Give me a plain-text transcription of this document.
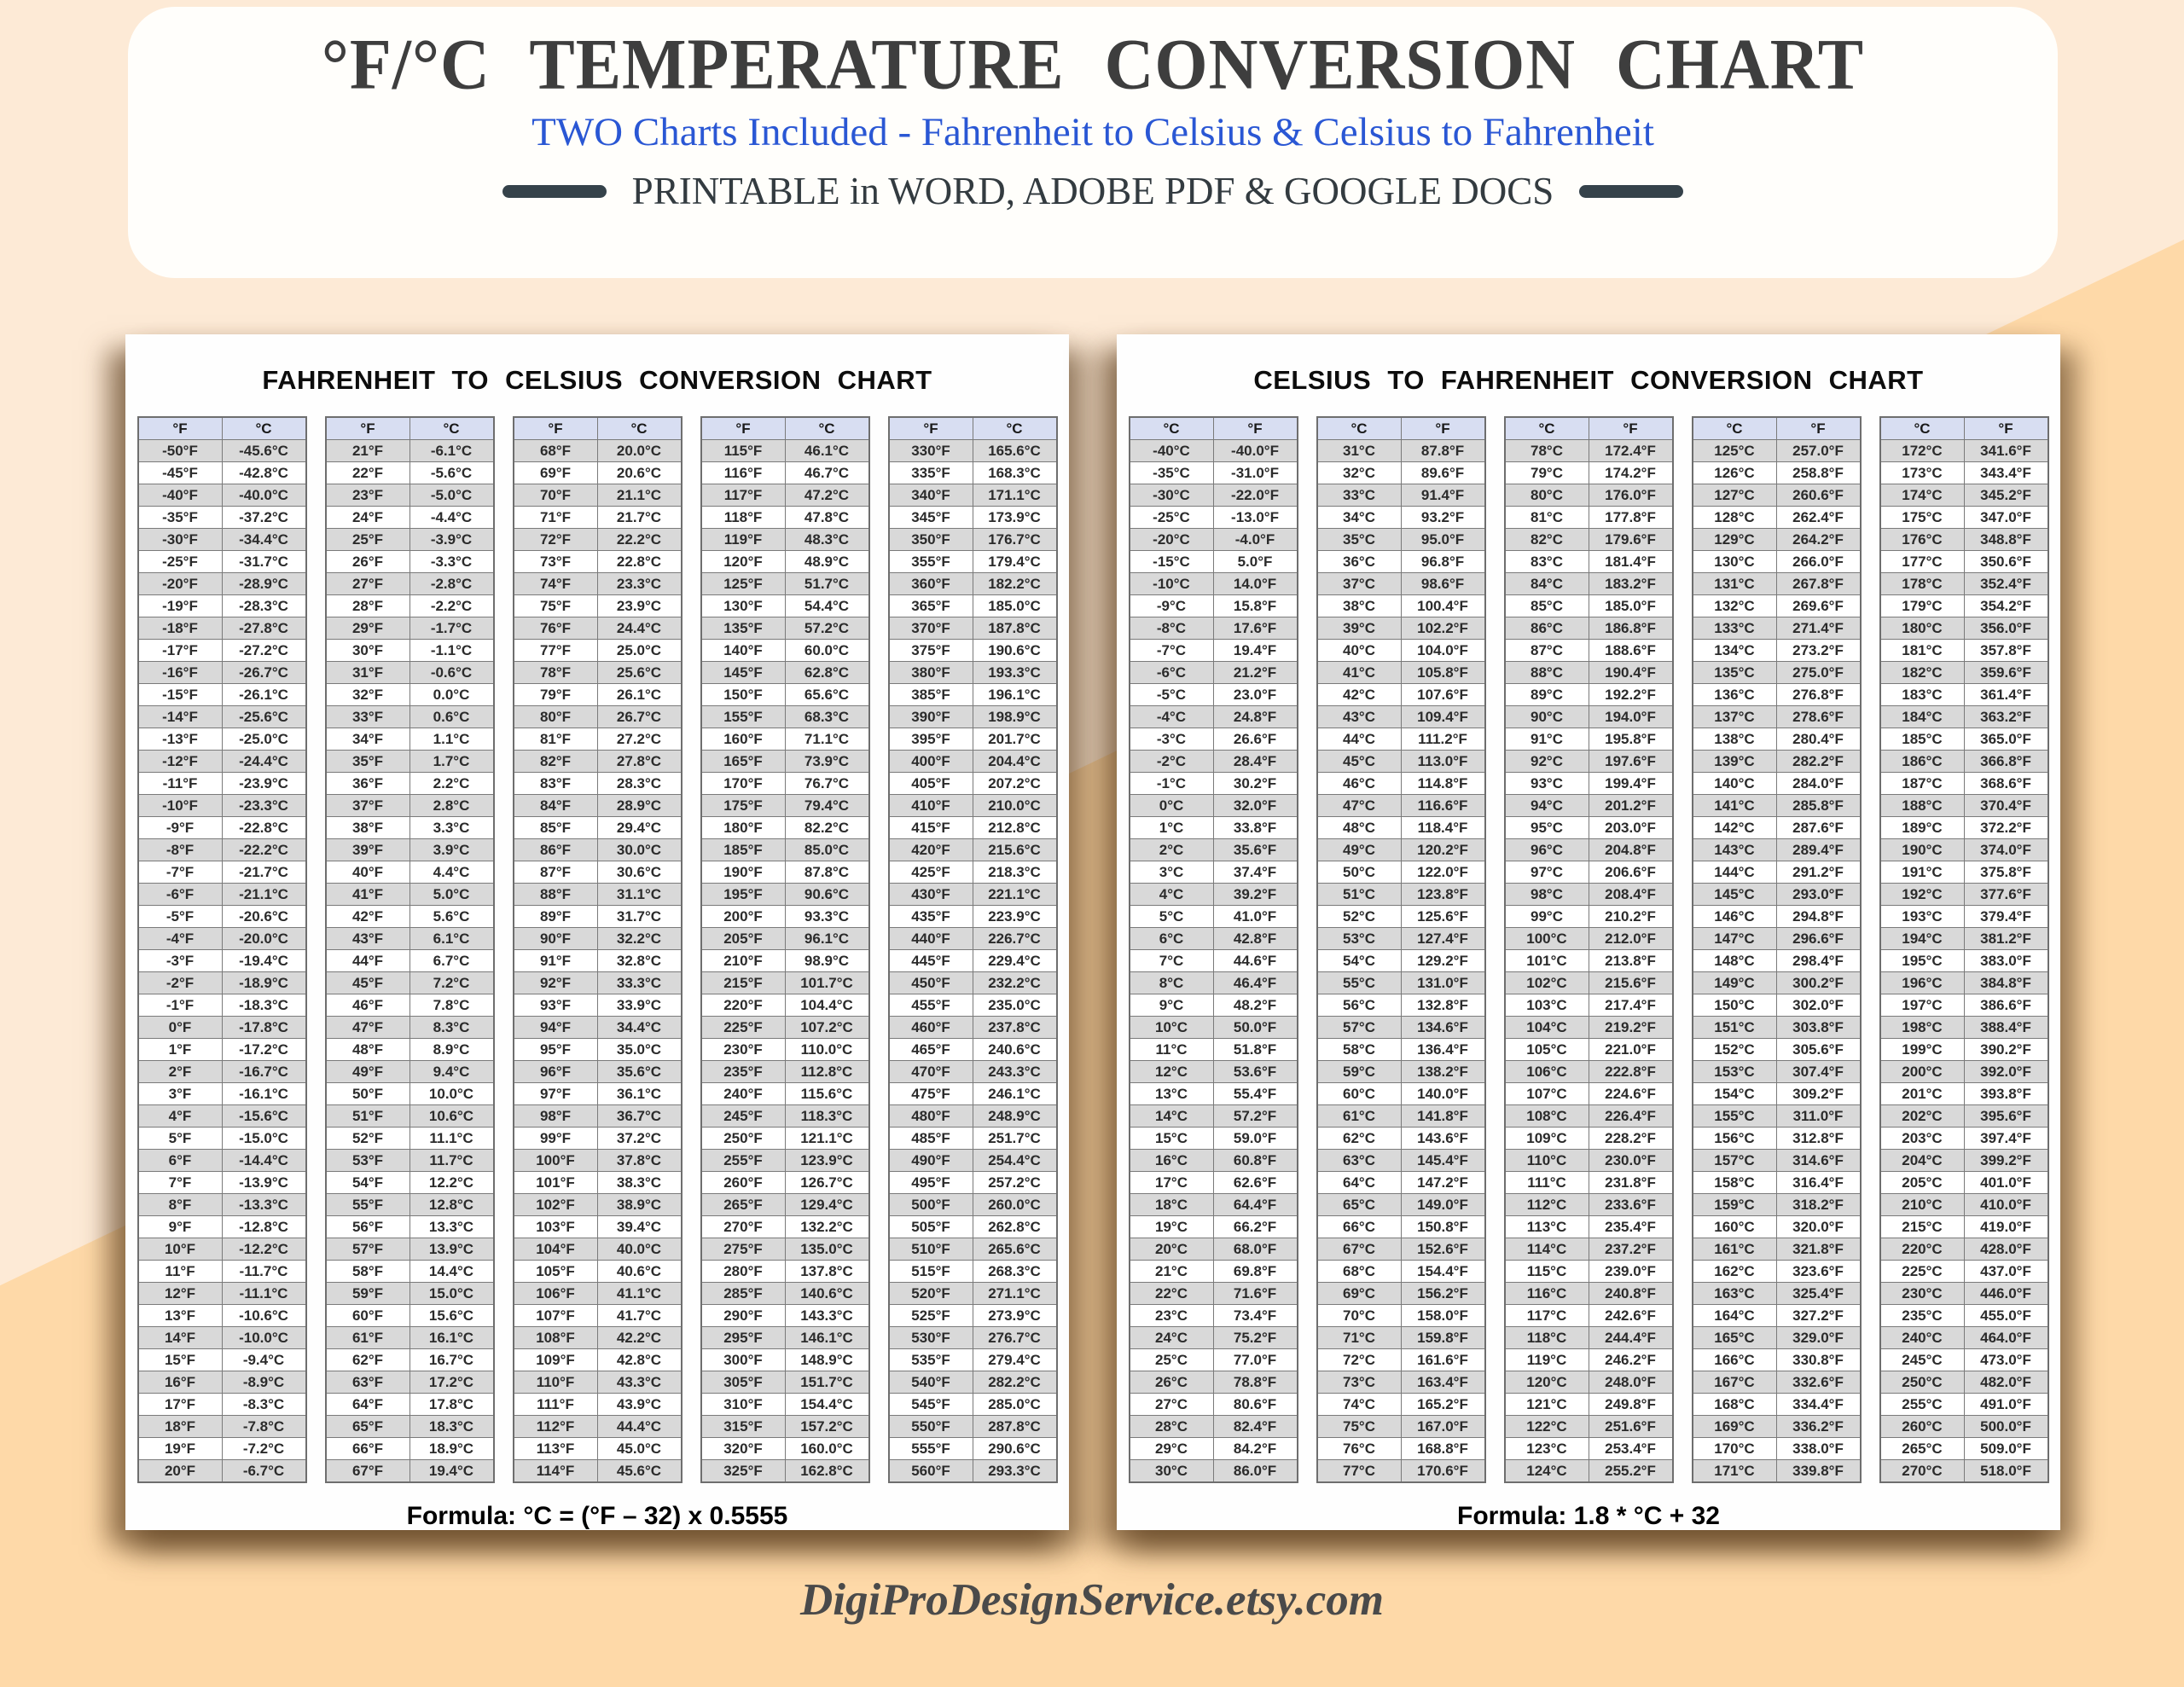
°F/°C TEMPERATURE CONVERSION CHART
TWO Charts Included - Fahrenheit to Celsius & Celsius to Fahrenheit
PRINTABLE in WORD, ADOBE PDF & GOOGLE DOCS
FAHRENHEIT TO CELSIUS CONVERSION CHART
°F	°C
-50°F	-45.6°C
-45°F	-42.8°C
-40°F	-40.0°C
-35°F	-37.2°C
-30°F	-34.4°C
-25°F	-31.7°C
-20°F	-28.9°C
-19°F	-28.3°C
-18°F	-27.8°C
-17°F	-27.2°C
-16°F	-26.7°C
-15°F	-26.1°C
-14°F	-25.6°C
-13°F	-25.0°C
-12°F	-24.4°C
-11°F	-23.9°C
-10°F	-23.3°C
-9°F	-22.8°C
-8°F	-22.2°C
-7°F	-21.7°C
-6°F	-21.1°C
-5°F	-20.6°C
-4°F	-20.0°C
-3°F	-19.4°C
-2°F	-18.9°C
-1°F	-18.3°C
0°F	-17.8°C
1°F	-17.2°C
2°F	-16.7°C
3°F	-16.1°C
4°F	-15.6°C
5°F	-15.0°C
6°F	-14.4°C
7°F	-13.9°C
8°F	-13.3°C
9°F	-12.8°C
10°F	-12.2°C
11°F	-11.7°C
12°F	-11.1°C
13°F	-10.6°C
14°F	-10.0°C
15°F	-9.4°C
16°F	-8.9°C
17°F	-8.3°C
18°F	-7.8°C
19°F	-7.2°C
20°F	-6.7°C
°F	°C
21°F	-6.1°C
22°F	-5.6°C
23°F	-5.0°C
24°F	-4.4°C
25°F	-3.9°C
26°F	-3.3°C
27°F	-2.8°C
28°F	-2.2°C
29°F	-1.7°C
30°F	-1.1°C
31°F	-0.6°C
32°F	0.0°C
33°F	0.6°C
34°F	1.1°C
35°F	1.7°C
36°F	2.2°C
37°F	2.8°C
38°F	3.3°C
39°F	3.9°C
40°F	4.4°C
41°F	5.0°C
42°F	5.6°C
43°F	6.1°C
44°F	6.7°C
45°F	7.2°C
46°F	7.8°C
47°F	8.3°C
48°F	8.9°C
49°F	9.4°C
50°F	10.0°C
51°F	10.6°C
52°F	11.1°C
53°F	11.7°C
54°F	12.2°C
55°F	12.8°C
56°F	13.3°C
57°F	13.9°C
58°F	14.4°C
59°F	15.0°C
60°F	15.6°C
61°F	16.1°C
62°F	16.7°C
63°F	17.2°C
64°F	17.8°C
65°F	18.3°C
66°F	18.9°C
67°F	19.4°C
°F	°C
68°F	20.0°C
69°F	20.6°C
70°F	21.1°C
71°F	21.7°C
72°F	22.2°C
73°F	22.8°C
74°F	23.3°C
75°F	23.9°C
76°F	24.4°C
77°F	25.0°C
78°F	25.6°C
79°F	26.1°C
80°F	26.7°C
81°F	27.2°C
82°F	27.8°C
83°F	28.3°C
84°F	28.9°C
85°F	29.4°C
86°F	30.0°C
87°F	30.6°C
88°F	31.1°C
89°F	31.7°C
90°F	32.2°C
91°F	32.8°C
92°F	33.3°C
93°F	33.9°C
94°F	34.4°C
95°F	35.0°C
96°F	35.6°C
97°F	36.1°C
98°F	36.7°C
99°F	37.2°C
100°F	37.8°C
101°F	38.3°C
102°F	38.9°C
103°F	39.4°C
104°F	40.0°C
105°F	40.6°C
106°F	41.1°C
107°F	41.7°C
108°F	42.2°C
109°F	42.8°C
110°F	43.3°C
111°F	43.9°C
112°F	44.4°C
113°F	45.0°C
114°F	45.6°C
°F	°C
115°F	46.1°C
116°F	46.7°C
117°F	47.2°C
118°F	47.8°C
119°F	48.3°C
120°F	48.9°C
125°F	51.7°C
130°F	54.4°C
135°F	57.2°C
140°F	60.0°C
145°F	62.8°C
150°F	65.6°C
155°F	68.3°C
160°F	71.1°C
165°F	73.9°C
170°F	76.7°C
175°F	79.4°C
180°F	82.2°C
185°F	85.0°C
190°F	87.8°C
195°F	90.6°C
200°F	93.3°C
205°F	96.1°C
210°F	98.9°C
215°F	101.7°C
220°F	104.4°C
225°F	107.2°C
230°F	110.0°C
235°F	112.8°C
240°F	115.6°C
245°F	118.3°C
250°F	121.1°C
255°F	123.9°C
260°F	126.7°C
265°F	129.4°C
270°F	132.2°C
275°F	135.0°C
280°F	137.8°C
285°F	140.6°C
290°F	143.3°C
295°F	146.1°C
300°F	148.9°C
305°F	151.7°C
310°F	154.4°C
315°F	157.2°C
320°F	160.0°C
325°F	162.8°C
°F	°C
330°F	165.6°C
335°F	168.3°C
340°F	171.1°C
345°F	173.9°C
350°F	176.7°C
355°F	179.4°C
360°F	182.2°C
365°F	185.0°C
370°F	187.8°C
375°F	190.6°C
380°F	193.3°C
385°F	196.1°C
390°F	198.9°C
395°F	201.7°C
400°F	204.4°C
405°F	207.2°C
410°F	210.0°C
415°F	212.8°C
420°F	215.6°C
425°F	218.3°C
430°F	221.1°C
435°F	223.9°C
440°F	226.7°C
445°F	229.4°C
450°F	232.2°C
455°F	235.0°C
460°F	237.8°C
465°F	240.6°C
470°F	243.3°C
475°F	246.1°C
480°F	248.9°C
485°F	251.7°C
490°F	254.4°C
495°F	257.2°C
500°F	260.0°C
505°F	262.8°C
510°F	265.6°C
515°F	268.3°C
520°F	271.1°C
525°F	273.9°C
530°F	276.7°C
535°F	279.4°C
540°F	282.2°C
545°F	285.0°C
550°F	287.8°C
555°F	290.6°C
560°F	293.3°C
Formula: °C = (°F – 32) x 0.5555
CELSIUS TO FAHRENHEIT CONVERSION CHART
°C	°F
-40°C	-40.0°F
-35°C	-31.0°F
-30°C	-22.0°F
-25°C	-13.0°F
-20°C	-4.0°F
-15°C	5.0°F
-10°C	14.0°F
-9°C	15.8°F
-8°C	17.6°F
-7°C	19.4°F
-6°C	21.2°F
-5°C	23.0°F
-4°C	24.8°F
-3°C	26.6°F
-2°C	28.4°F
-1°C	30.2°F
0°C	32.0°F
1°C	33.8°F
2°C	35.6°F
3°C	37.4°F
4°C	39.2°F
5°C	41.0°F
6°C	42.8°F
7°C	44.6°F
8°C	46.4°F
9°C	48.2°F
10°C	50.0°F
11°C	51.8°F
12°C	53.6°F
13°C	55.4°F
14°C	57.2°F
15°C	59.0°F
16°C	60.8°F
17°C	62.6°F
18°C	64.4°F
19°C	66.2°F
20°C	68.0°F
21°C	69.8°F
22°C	71.6°F
23°C	73.4°F
24°C	75.2°F
25°C	77.0°F
26°C	78.8°F
27°C	80.6°F
28°C	82.4°F
29°C	84.2°F
30°C	86.0°F
°C	°F
31°C	87.8°F
32°C	89.6°F
33°C	91.4°F
34°C	93.2°F
35°C	95.0°F
36°C	96.8°F
37°C	98.6°F
38°C	100.4°F
39°C	102.2°F
40°C	104.0°F
41°C	105.8°F
42°C	107.6°F
43°C	109.4°F
44°C	111.2°F
45°C	113.0°F
46°C	114.8°F
47°C	116.6°F
48°C	118.4°F
49°C	120.2°F
50°C	122.0°F
51°C	123.8°F
52°C	125.6°F
53°C	127.4°F
54°C	129.2°F
55°C	131.0°F
56°C	132.8°F
57°C	134.6°F
58°C	136.4°F
59°C	138.2°F
60°C	140.0°F
61°C	141.8°F
62°C	143.6°F
63°C	145.4°F
64°C	147.2°F
65°C	149.0°F
66°C	150.8°F
67°C	152.6°F
68°C	154.4°F
69°C	156.2°F
70°C	158.0°F
71°C	159.8°F
72°C	161.6°F
73°C	163.4°F
74°C	165.2°F
75°C	167.0°F
76°C	168.8°F
77°C	170.6°F
°C	°F
78°C	172.4°F
79°C	174.2°F
80°C	176.0°F
81°C	177.8°F
82°C	179.6°F
83°C	181.4°F
84°C	183.2°F
85°C	185.0°F
86°C	186.8°F
87°C	188.6°F
88°C	190.4°F
89°C	192.2°F
90°C	194.0°F
91°C	195.8°F
92°C	197.6°F
93°C	199.4°F
94°C	201.2°F
95°C	203.0°F
96°C	204.8°F
97°C	206.6°F
98°C	208.4°F
99°C	210.2°F
100°C	212.0°F
101°C	213.8°F
102°C	215.6°F
103°C	217.4°F
104°C	219.2°F
105°C	221.0°F
106°C	222.8°F
107°C	224.6°F
108°C	226.4°F
109°C	228.2°F
110°C	230.0°F
111°C	231.8°F
112°C	233.6°F
113°C	235.4°F
114°C	237.2°F
115°C	239.0°F
116°C	240.8°F
117°C	242.6°F
118°C	244.4°F
119°C	246.2°F
120°C	248.0°F
121°C	249.8°F
122°C	251.6°F
123°C	253.4°F
124°C	255.2°F
°C	°F
125°C	257.0°F
126°C	258.8°F
127°C	260.6°F
128°C	262.4°F
129°C	264.2°F
130°C	266.0°F
131°C	267.8°F
132°C	269.6°F
133°C	271.4°F
134°C	273.2°F
135°C	275.0°F
136°C	276.8°F
137°C	278.6°F
138°C	280.4°F
139°C	282.2°F
140°C	284.0°F
141°C	285.8°F
142°C	287.6°F
143°C	289.4°F
144°C	291.2°F
145°C	293.0°F
146°C	294.8°F
147°C	296.6°F
148°C	298.4°F
149°C	300.2°F
150°C	302.0°F
151°C	303.8°F
152°C	305.6°F
153°C	307.4°F
154°C	309.2°F
155°C	311.0°F
156°C	312.8°F
157°C	314.6°F
158°C	316.4°F
159°C	318.2°F
160°C	320.0°F
161°C	321.8°F
162°C	323.6°F
163°C	325.4°F
164°C	327.2°F
165°C	329.0°F
166°C	330.8°F
167°C	332.6°F
168°C	334.4°F
169°C	336.2°F
170°C	338.0°F
171°C	339.8°F
°C	°F
172°C	341.6°F
173°C	343.4°F
174°C	345.2°F
175°C	347.0°F
176°C	348.8°F
177°C	350.6°F
178°C	352.4°F
179°C	354.2°F
180°C	356.0°F
181°C	357.8°F
182°C	359.6°F
183°C	361.4°F
184°C	363.2°F
185°C	365.0°F
186°C	366.8°F
187°C	368.6°F
188°C	370.4°F
189°C	372.2°F
190°C	374.0°F
191°C	375.8°F
192°C	377.6°F
193°C	379.4°F
194°C	381.2°F
195°C	383.0°F
196°C	384.8°F
197°C	386.6°F
198°C	388.4°F
199°C	390.2°F
200°C	392.0°F
201°C	393.8°F
202°C	395.6°F
203°C	397.4°F
204°C	399.2°F
205°C	401.0°F
210°C	410.0°F
215°C	419.0°F
220°C	428.0°F
225°C	437.0°F
230°C	446.0°F
235°C	455.0°F
240°C	464.0°F
245°C	473.0°F
250°C	482.0°F
255°C	491.0°F
260°C	500.0°F
265°C	509.0°F
270°C	518.0°F
Formula: 1.8 * °C + 32
DigiProDesignService.etsy.com
